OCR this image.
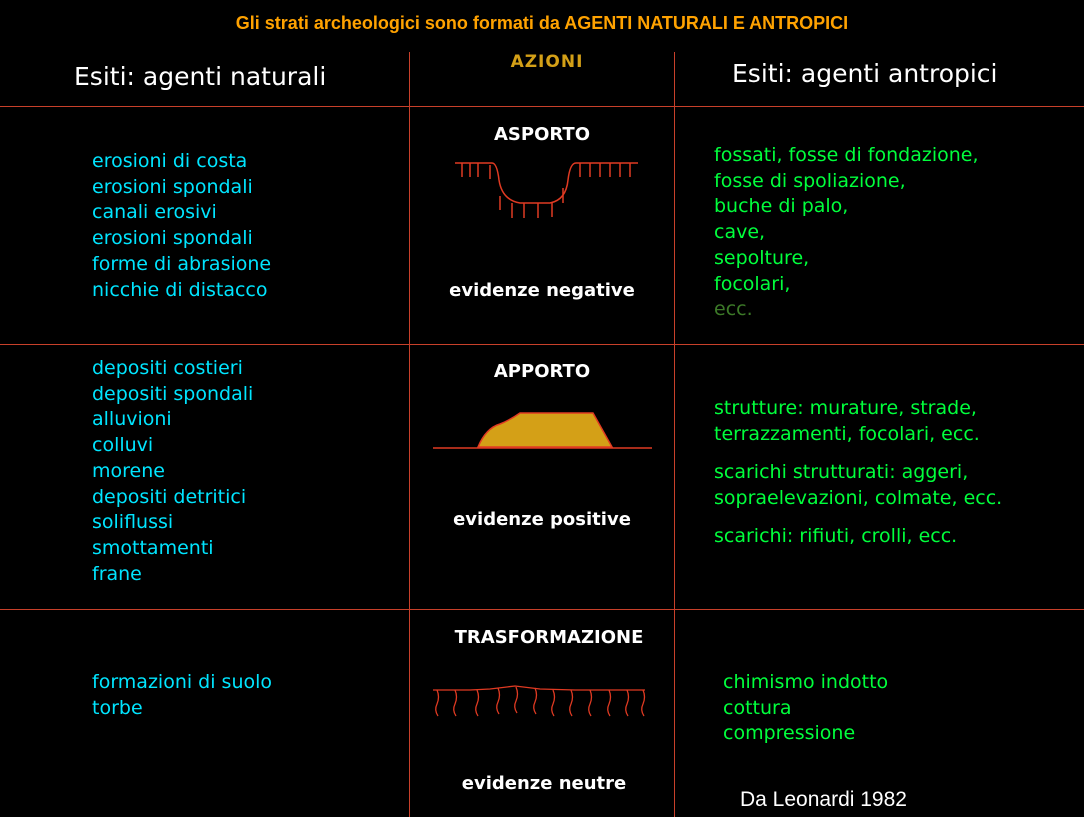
Gli strati archeologici sono formati da AGENTI NATURALI E ANTROPICI
Esiti: agenti naturali	AZIONI	Esiti: agenti antropici
erosioni di costa
erosioni spondali
canali erosivi
erosioni spondali
forme di abrasione
nicchie di distacco
ASPORTO
evidenze negative
fossati, fosse di fondazione,
fosse di spoliazione,
buche di palo,
cave,
sepolture,
focolari,
ecc.
depositi costieri
depositi spondali
alluvioni
colluvi
morene
depositi detritici
soliflussi
smottamenti
frane
APPORTO
evidenze positive
strutture: murature, strade, terrazzamenti, focolari, ecc.
scarichi strutturati: aggeri, sopraelevazioni, colmate, ecc.
scarichi: rifiuti, crolli, ecc.
formazioni di suolo
torbe
TRASFORMAZIONE
evidenze neutre
chimismo indotto
cottura
compressione
Da Leonardi 1982
